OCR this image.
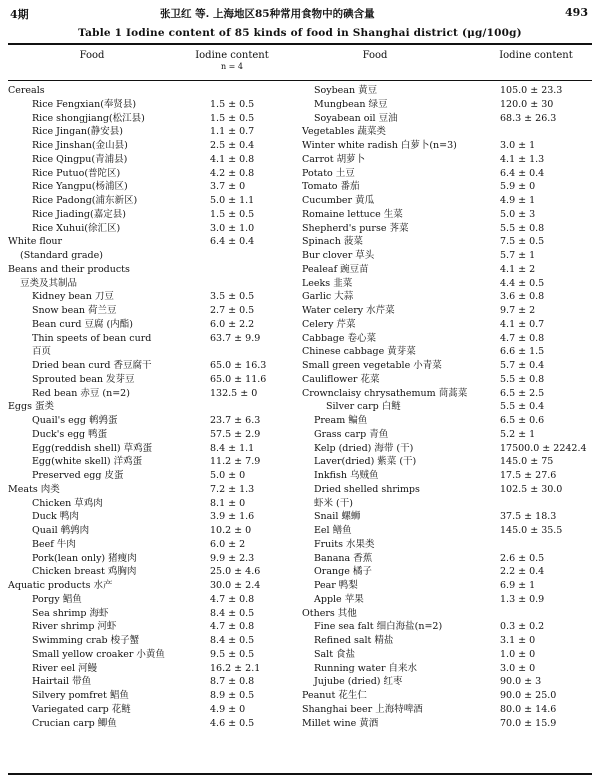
4期	张卫红 等. 上海地区85种常用食物中的碘含量	493
Table 1 Iodine content of 85 kinds of food in Shanghai district (μg/100g)
Food	Iodine content
n = 4
Food	Iodine content
Cereals
Rice Fengxian(奉贤县)	1.5 ± 0.5
Rice shongjiang(松江县)	1.5 ± 0.5
Rice Jingan(静安县)	1.1 ± 0.7
Rice Jinshan(金山县)	2.5 ± 0.4
Rice Qingpu(青浦县)	4.1 ± 0.8
Rice Putuo(普陀区)	4.2 ± 0.8
Rice Yangpu(杨浦区)	3.7 ± 0
Rice Padong(浦东新区)	5.0 ± 1.1
Rice Jiading(嘉定县)	1.5 ± 0.5
Rice Xuhui(徐汇区)	3.0 ± 1.0
White flour	6.4 ± 0.4
(Standard grade)
Beans and their products
豆类及其制品
Kidney bean 刀豆	3.5 ± 0.5
Snow bean 荷兰豆	2.7 ± 0.5
Bean curd 豆腐 (内酯)	6.0 ± 2.2
Thin speets of bean curd	63.7 ± 9.9
百页
Dried bean curd 香豆腐干	65.0 ± 16.3
Sprouted bean 发芽豆	65.0 ± 11.6
Red bean 赤豆 (n=2)	132.5 ± 0
Eggs 蛋类
Quail's egg 鹌鹑蛋	23.7 ± 6.3
Duck's egg 鸭蛋	57.5 ± 2.9
Egg(reddish shell) 草鸡蛋	8.4 ± 1.1
Egg(white skell) 洋鸡蛋	11.2 ± 7.9
Preserved egg 皮蛋	5.0 ± 0
Meats 肉类	7.2 ± 1.3
Chicken 草鸡肉	8.1 ± 0
Duck 鸭肉	3.9 ± 1.6
Quail 鹌鹑肉	10.2 ± 0
Beef 牛肉	6.0 ± 2
Pork(lean only) 猪瘦肉	9.9 ± 2.3
Chicken breast 鸡胸肉	25.0 ± 4.6
Aquatic products 水产	30.0 ± 2.4
Porgy 鲳鱼	4.7 ± 0.8
Sea shrimp 海虾	8.4 ± 0.5
River shrimp 河虾	4.7 ± 0.8
Swimming crab 梭子蟹	8.4 ± 0.5
Small yellow croaker 小黄鱼	9.5 ± 0.5
River eel 河鳗	16.2 ± 2.1
Hairtail 带鱼	8.7 ± 0.8
Silvery pomfret 鲳鱼	8.9 ± 0.5
Variegated carp 花鲢	4.9 ± 0
Crucian carp 鲫鱼	4.6 ± 0.5
Soybean 黄豆	105.0 ± 23.3
Mungbean 绿豆	120.0 ± 30
Soyabean oil 豆油	68.3 ± 26.3
Vegetables 蔬菜类
Winter white radish 白萝卜(n=3)	3.0 ± 1
Carrot 胡萝卜	4.1 ± 1.3
Potato 土豆	6.4 ± 0.4
Tomato 番茄	5.9 ± 0
Cucumber 黄瓜	4.9 ± 1
Romaine lettuce 生菜	5.0 ± 3
Shepherd's purse 荠菜	5.5 ± 0.8
Spinach 菠菜	7.5 ± 0.5
Bur clover 草头	5.7 ± 1
Pealeaf 豌豆苗	4.1 ± 2
Leeks 韭菜	4.4 ± 0.5
Garlic 大蒜	3.6 ± 0.8
Water celery 水芹菜	9.7 ± 2
Celery 芹菜	4.1 ± 0.7
Cabbage 卷心菜	4.7 ± 0.8
Chinese cabbage 黄芽菜	6.6 ± 1.5
Small green vegetable 小青菜	5.7 ± 0.4
Cauliflower 花菜	5.5 ± 0.8
Crownclaisy chrysathemum 茼蒿菜	6.5 ± 2.5
Silver carp 白鲢	5.5 ± 0.4
Pream 鳊鱼	6.5 ± 0.6
Grass carp 青鱼	5.2 ± 1
Kelp (dried) 海带 (干)	17500.0 ± 2242.4
Laver(dried) 紫菜 (干)	145.0 ± 75
Inkfish 乌贼鱼	17.5 ± 27.6
Dried shelled shrimps	102.5 ± 30.0
虾米 (干)
Snail 螺蛳	37.5 ± 18.3
Eel 鳝鱼	145.0 ± 35.5
Fruits 水果类
Banana 香蕉	2.6 ± 0.5
Orange 橘子	2.2 ± 0.4
Pear 鸭梨	6.9 ± 1
Apple 苹果	1.3 ± 0.9
Others 其他
Fine sea falt 细白海盐(n=2)	0.3 ± 0.2
Refined salt 精盐	3.1 ± 0
Salt 食盐	1.0 ± 0
Running water 自来水	3.0 ± 0
Jujube (dried) 红枣	90.0 ± 3
Peanut 花生仁	90.0 ± 25.0
Shanghai beer 上海特啤酒	80.0 ± 14.6
Millet wine 黄酒	70.0 ± 15.9
